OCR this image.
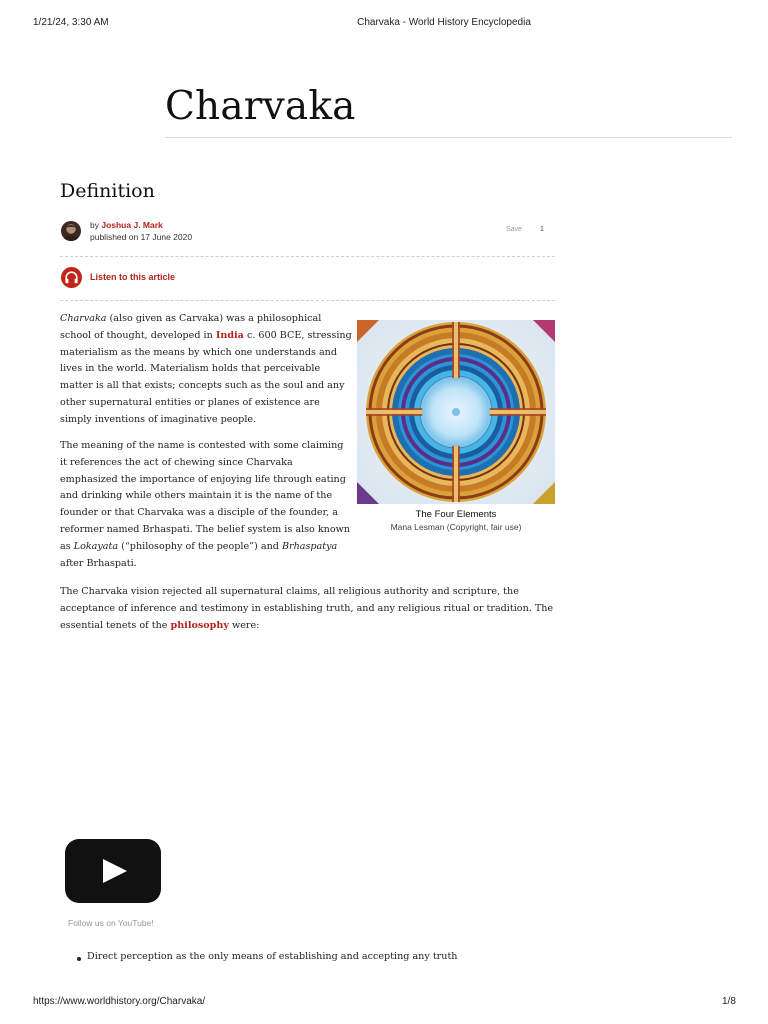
1/21/24, 3:30 AM	Charvaka - World History Encyclopedia
Charvaka
Definition
by Joshua J. Mark
published on 17 June 2020
Save	1
Listen to this article
Charvaka (also given as Carvaka) was a philosophical school of thought, developed in India c. 600 BCE, stressing materialism as the means by which one understands and lives in the world. Materialism holds that perceivable matter is all that exists; concepts such as the soul and any other supernatural entities or planes of existence are simply inventions of imaginative people.
The Four Elements
Mana Lesman (Copyright, fair use)
The meaning of the name is contested with some claiming it references the act of chewing since Charvaka emphasized the importance of enjoying life through eating and drinking while others maintain it is the name of the founder or that Charvaka was a disciple of the founder, a reformer named Brhaspati. The belief system is also known as Lokayata (“philosophy of the people”) and Brhaspatya after Brhaspati.
The Charvaka vision rejected all supernatural claims, all religious authority and scripture, the acceptance of inference and testimony in establishing truth, and any religious ritual or tradition. The essential tenets of the philosophy were:
Follow us on YouTube!
Direct perception as the only means of establishing and accepting any truth
https://www.worldhistory.org/Charvaka/	1/8
